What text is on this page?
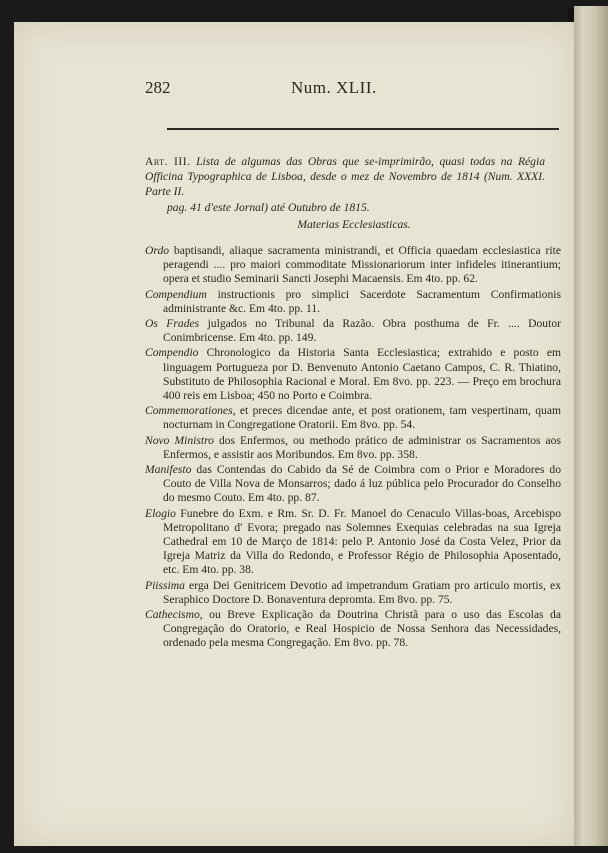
282	Num. XLII.
Art. III. Lista de algumas das Obras que se-imprimirão, quasi todas na Régia Officina Typographica de Lisboa, desde o mez de Novembro de 1814 (Num. XXXI. Parte II.
pag. 41 d'este Jornal) até Outubro de 1815.
Materias Ecclesiasticas.

Ordo baptisandi, aliaque sacramenta ministrandi, et Officia quaedam ecclesiastica rite peragendi .... pro maiori commoditate Missionariorum inter infideles itinerantium; opera et studio Seminarii Sancti Josephi Macaensis. Em 4to. pp. 62.

Compendium instructionis pro simplici Sacerdote Sacramentum Confirmationis administrante &c. Em 4to. pp. 11.

Os Frades julgados no Tribunal da Razão. Obra posthuma de Fr. .... Doutor Conimbricense. Em 4to. pp. 149.

Compendio Chronologico da Historia Santa Ecclesiastica; extrahido e posto em linguagem Portugueza por D. Benvenuto Antonio Caetano Campos, C. R. Thiatino, Substituto de Philosophia Racional e Moral. Em 8vo. pp. 223. — Preço em brochura 400 reis em Lisboa; 450 no Porto e Coimbra.

Commemorationes, et preces dicendae ante, et post orationem, tam vespertinam, quam nocturnam in Congregatione Oratorii. Em 8vo. pp. 54.

Novo Ministro dos Enfermos, ou methodo prático de administrar os Sacramentos aos Enfermos, e assistir aos Moribundos. Em 8vo. pp. 358.

Manifesto das Contendas do Cabido da Sé de Coimbra com o Prior e Moradores do Couto de Villa Nova de Monsarros; dado á luz pública pelo Procurador do Conselho do mesmo Couto. Em 4to. pp. 87.

Elogio Funebre do Exm. e Rm. Sr. D. Fr. Manoel do Cenaculo Villas-boas, Arcebispo Metropolitano d' Evora; pregado nas Solemnes Exequias celebradas na sua Igreja Cathedral em 10 de Março de 1814: pelo P. Antonio José da Costa Velez, Prior da Igreja Matriz da Villa do Redondo, e Professor Régio de Philosophia Aposentado, etc. Em 4to. pp. 38.

Piissima erga Dei Genitricem Devotio ad impetrandum Gratiam pro articulo mortis, ex Seraphico Doctore D. Bonaventura depromta. Em 8vo. pp. 75.

Cathecismo, ou Breve Explicação da Doutrina Christã para o uso das Escolas da Congregação do Oratorio, e Real Hospicio de Nossa Senhora das Necessidades, ordenado pela mesma Congregação. Em 8vo. pp. 78.
